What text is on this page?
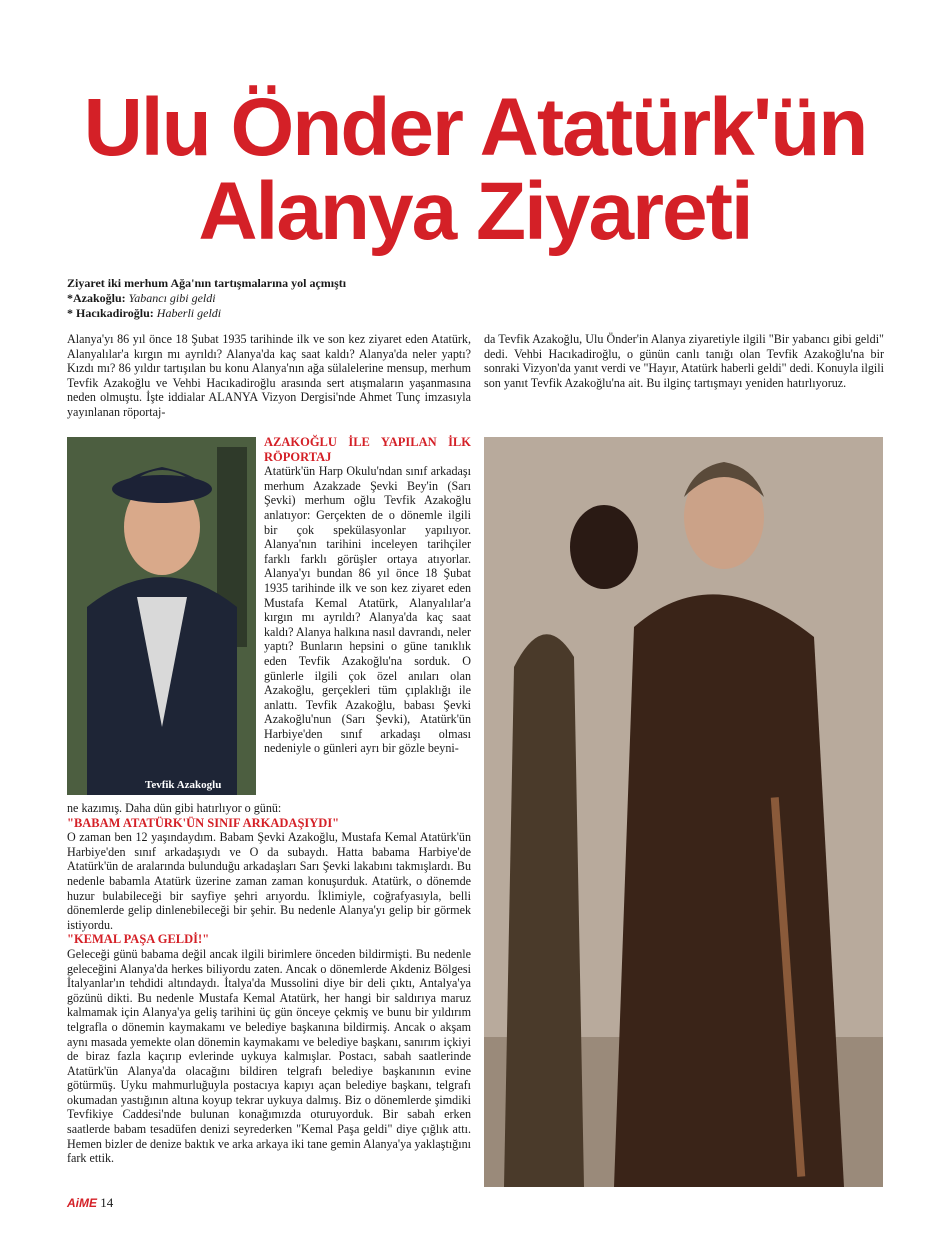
Ulu Önder Atatürk'ün
Alanya Ziyareti
Ziyaret iki merhum Ağa'nın tartışmalarına yol açmıştı
*Azakoğlu: Yabancı gibi geldi
* Hacıkadiroğlu: Haberli geldi
Alanya'yı 86 yıl önce 18 Şubat 1935 tarihinde ilk ve son kez ziyaret eden Atatürk, Alanyalılar'a kırgın mı ayrıldı? Alanya'da kaç saat kaldı? Alanya'da neler yaptı? Kızdı mı? 86 yıldır tartışılan bu konu Alanya'nın ağa sülalelerine mensup, merhum Tevfik Azakoğlu ve Vehbi Hacıkadiroğlu arasında sert atışmaların yaşanmasına neden olmuştu. İşte iddialar ALANYA Vizyon Dergisi'nde Ahmet Tunç imzasıyla yayınlanan röportaj-
da Tevfik Azakoğlu, Ulu Önder'in Alanya ziyaretiyle ilgili "Bir yabancı gibi geldi" dedi. Vehbi Hacıkadiroğlu, o günün canlı tanığı olan Tevfik Azakoğlu'na bir sonraki Vizyon'da yanıt verdi ve "Hayır, Atatürk haberli geldi" dedi. Konuyla ilgili son yanıt Tevfik Azakoğlu'na ait. Bu ilginç tartışmayı yeniden hatırlıyoruz.
Tevfik Azakoglu
AZAKOĞLU İLE YAPILAN İLK RÖPORTAJ
Atatürk'ün Harp Okulu'ndan sınıf arkadaşı merhum Azakzade Şevki Bey'in (Sarı Şevki) merhum oğlu Tevfik Azakoğlu anlatıyor: Gerçekten de o dönemle ilgili bir çok spekülasyonlar yapılıyor. Alanya'nın tarihini inceleyen tarihçiler farklı farklı görüşler ortaya atıyorlar. Alanya'yı bundan 86 yıl önce 18 Şubat 1935 tarihinde ilk ve son kez ziyaret eden Mustafa Kemal Atatürk, Alanyalılar'a kırgın mı ayrıldı? Alanya'da kaç saat kaldı? Alanya halkına nasıl davrandı, neler yaptı? Bunların hepsini o güne tanıklık eden Tevfik Azakoğlu'na sorduk. O günlerle ilgili çok özel anıları olan Azakoğlu, gerçekleri tüm çıplaklığı ile anlattı. Tevfik Azakoğlu, babası Şevki Azakoğlu'nun (Sarı Şevki), Atatürk'ün Harbiye'den sınıf arkadaşı olması nedeniyle o günleri ayrı bir gözle beyni-
ne kazımış. Daha dün gibi hatırlıyor o günü:
"BABAM ATATÜRK'ÜN SINIF ARKADAŞIYDI"
O zaman ben 12 yaşındaydım. Babam Şevki Azakoğlu, Mustafa Kemal Atatürk'ün Harbiye'den sınıf arkadaşıydı ve O da subaydı. Hatta babama Harbiye'de Atatürk'ün de aralarında bulunduğu arkadaşları Sarı Şevki lakabını takmışlardı. Bu nedenle babamla Atatürk üzerine zaman zaman konuşurduk. Atatürk, o dönemde huzur bulabileceği bir sayfiye şehri arıyordu. İklimiyle, coğrafyasıyla, belli dönemlerde gelip dinlenebileceği bir şehir. Bu nedenle Alanya'yı gelip bir görmek istiyordu.
"KEMAL PAŞA GELDİ!"
Geleceği günü babama değil ancak ilgili birimlere önceden bildirmişti. Bu nedenle geleceğini Alanya'da herkes biliyordu zaten. Ancak o dönemlerde Akdeniz Bölgesi İtalyanlar'ın tehdidi altındaydı. İtalya'da Mussolini diye bir deli çıktı, Antalya'ya gözünü dikti. Bu nedenle Mustafa Kemal Atatürk, her hangi bir saldırıya maruz kalmamak için Alanya'ya geliş tarihini üç gün önceye çekmiş ve bunu bir yıldırım telgrafla o dönemin kaymakamı ve belediye başkanına bildirmiş. Ancak o akşam aynı masada yemekte olan dönemin kaymakamı ve belediye başkanı, sanırım içkiyi de biraz fazla kaçırıp evlerinde uykuya kalmışlar. Postacı, sabah saatlerinde Atatürk'ün Alanya'da olacağını bildiren telgrafı belediye başkanının evine götürmüş. Uyku mahmurluğuyla postacıya kapıyı açan belediye başkanı, telgrafı okumadan yastığının altına koyup tekrar uykuya dalmış. Biz o dönemlerde şimdiki Tevfikiye Caddesi'nde bulunan konağımızda oturuyorduk. Bir sabah erken saatlerde babam tesadüfen denizi seyrederken "Kemal Paşa geldi" diye çığlık attı. Hemen bizler de denize baktık ve arka arkaya iki tane gemin Alanya'ya yaklaştığını fark ettik.
AiME 14
